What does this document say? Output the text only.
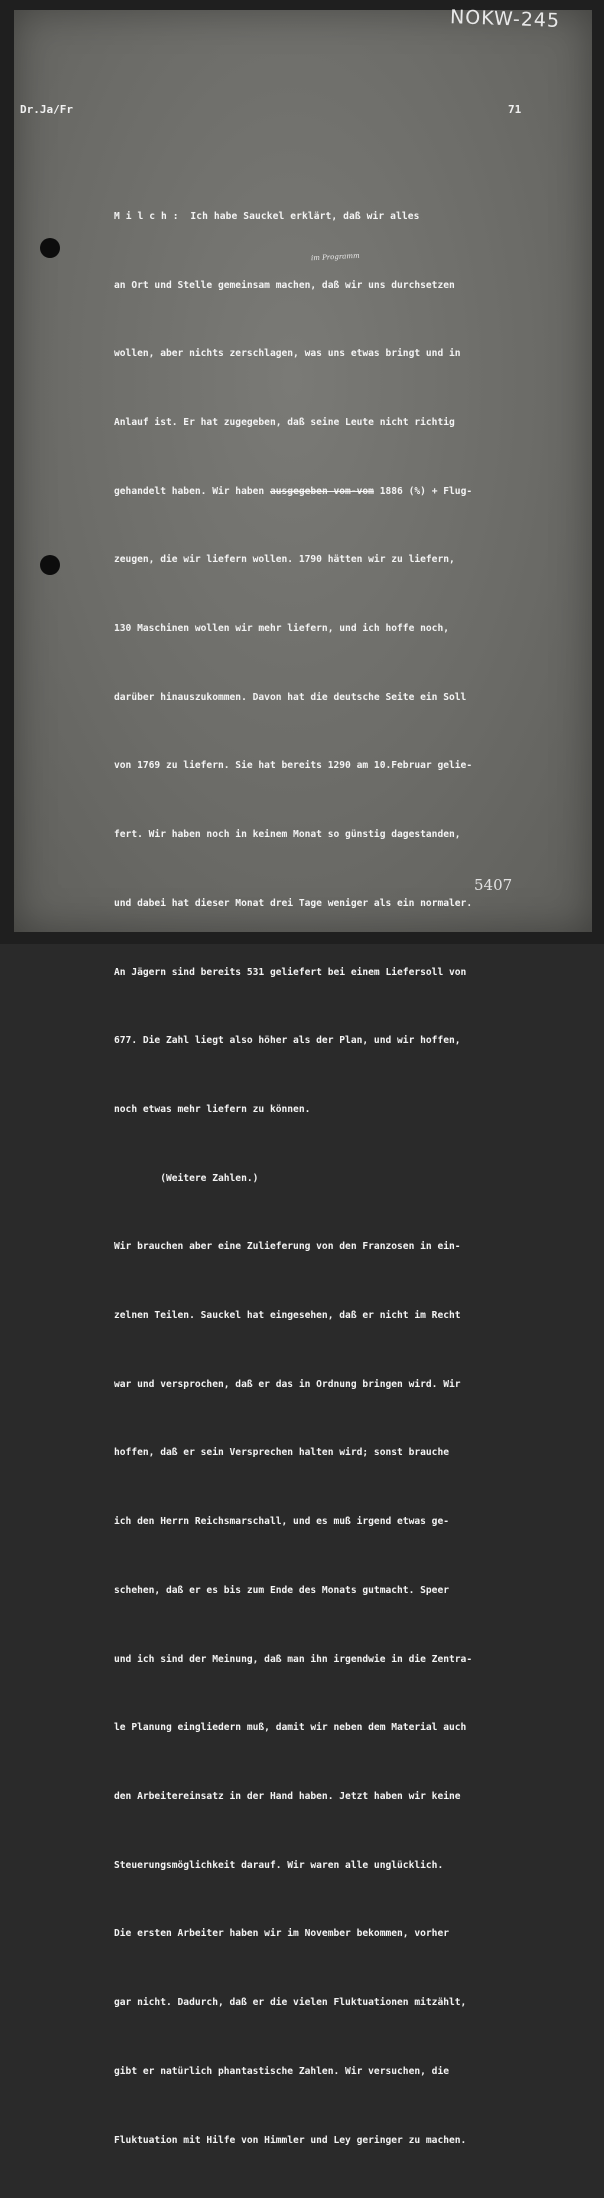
NOKW-245
Dr.Ja/Fr	71
im Programm

M i l c h :  Ich habe Sauckel erklärt, daß wir alles

an Ort und Stelle gemeinsam machen, daß wir uns durchsetzen

wollen, aber nichts zerschlagen, was uns etwas bringt und in

Anlauf ist. Er hat zugegeben, daß seine Leute nicht richtig

gehandelt haben. Wir haben ausgegeben vom-vom 1886 (%) + Flug-

zeugen, die wir liefern wollen. 1790 hätten wir zu liefern,

130 Maschinen wollen wir mehr liefern, und ich hoffe noch,

darüber hinauszukommen. Davon hat die deutsche Seite ein Soll

von 1769 zu liefern. Sie hat bereits 1290 am 10.Februar gelie-

fert. Wir haben noch in keinem Monat so günstig dagestanden,

und dabei hat dieser Monat drei Tage weniger als ein normaler.

An Jägern sind bereits 531 geliefert bei einem Liefersoll von

677. Die Zahl liegt also höher als der Plan, und wir hoffen,

noch etwas mehr liefern zu können.

(Weitere Zahlen.)

Wir brauchen aber eine Zulieferung von den Franzosen in ein-

zelnen Teilen. Sauckel hat eingesehen, daß er nicht im Recht

war und versprochen, daß er das in Ordnung bringen wird. Wir

hoffen, daß er sein Versprechen halten wird; sonst brauche

ich den Herrn Reichsmarschall, und es muß irgend etwas ge-

schehen, daß er es bis zum Ende des Monats gutmacht. Speer

und ich sind der Meinung, daß man ihn irgendwie in die Zentra-

le Planung eingliedern muß, damit wir neben dem Material auch

den Arbeitereinsatz in der Hand haben. Jetzt haben wir keine

Steuerungsmöglichkeit darauf. Wir waren alle unglücklich.

Die ersten Arbeiter haben wir im November bekommen, vorher

gar nicht. Dadurch, daß er die vielen Fluktuationen mitzählt,

gibt er natürlich phantastische Zahlen. Wir versuchen, die

Fluktuation mit Hilfe von Himmler und Ley geringer zu machen.

5407
